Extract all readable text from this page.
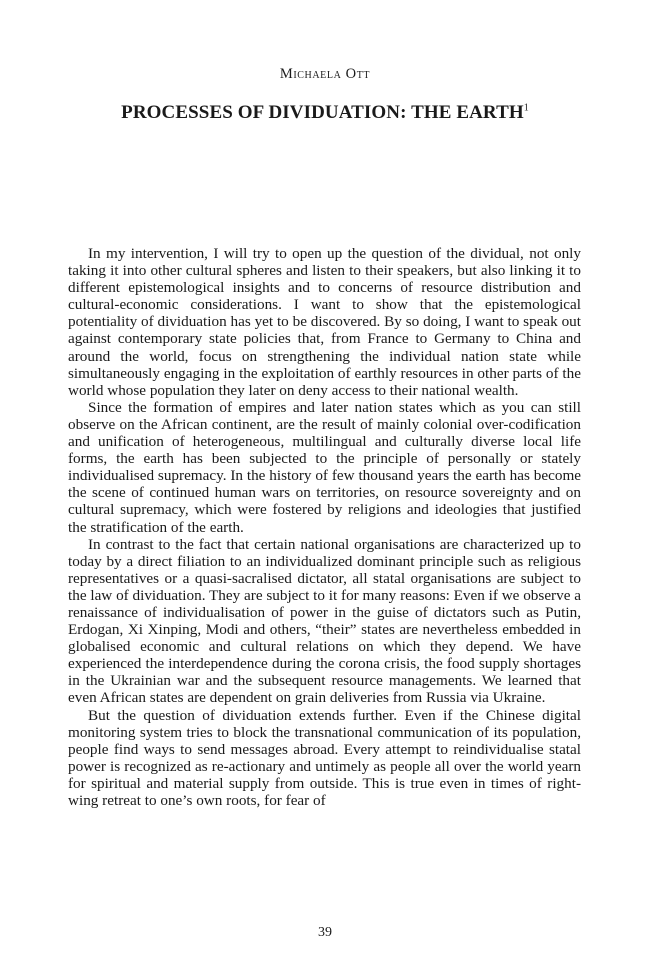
Michaela Ott
PROCESSES OF DIVIDUATION: THE EARTH$^1$

In my intervention, I will try to open up the question of the dividual, not only taking it into other cultural spheres and listen to their speakers, but also linking it to different epistemological insights and to concerns of resource distribution and cultural-economic considerations. I want to show that the epistemological potentiality of dividuation has yet to be discovered. By so doing, I want to speak out against contemporary state policies that, from France to Germany to China and around the world, focus on strengthening the individual nation state while simultaneously engaging in the exploitation of earthly resources in other parts of the world whose population they later on deny access to their national wealth.

Since the formation of empires and later nation states which as you can still observe on the African continent, are the result of mainly colonial over-codification and unification of heterogeneous, multilingual and culturally diverse local life forms, the earth has been subjected to the principle of personally or stately individualised supremacy. In the history of few thousand years the earth has become the scene of continued human wars on territories, on resource sovereignty and on cultural supremacy, which were fostered by religions and ideologies that justified the stratification of the earth.

In contrast to the fact that certain national organisations are characterized up to today by a direct filiation to an individualized dominant principle such as religious representatives or a quasi-sacralised dictator, all statal organisations are subject to the law of dividuation. They are subject to it for many reasons: Even if we observe a renaissance of individualisation of power in the guise of dictators such as Putin, Erdogan, Xi Xinping, Modi and others, “their” states are nevertheless embedded in globalised economic and cultural relations on which they depend. We have experienced the interdependence during the corona crisis, the food supply shortages in the Ukrainian war and the subsequent resource managements. We learned that even African states are dependent on grain deliveries from Russia via Ukraine.

But the question of dividuation extends further. Even if the Chinese digital monitoring system tries to block the transnational communication of its population, people find ways to send messages abroad. Every attempt to reindividualise statal power is recognized as re-actionary and untimely as people all over the world yearn for spiritual and material supply from outside. This is true even in times of right-wing retreat to one’s own roots, for fear of

39
